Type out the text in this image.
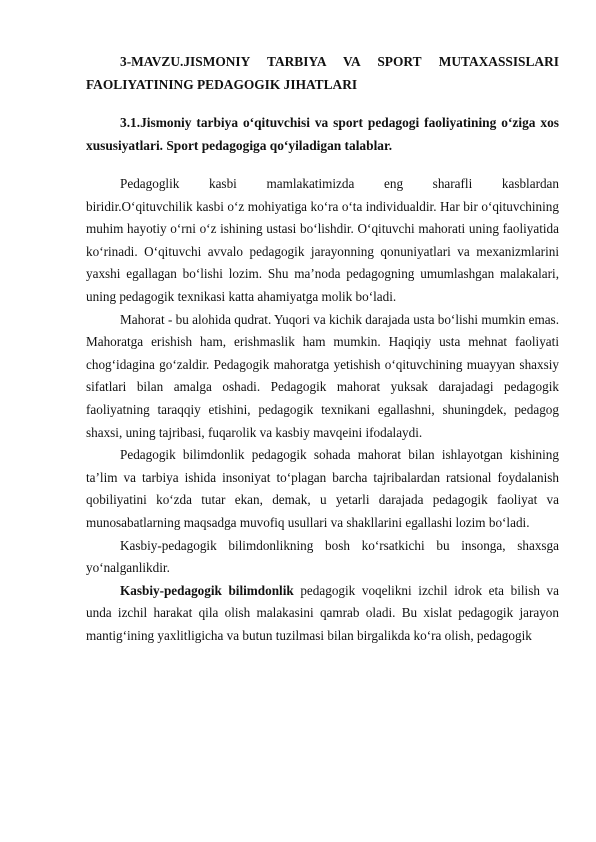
3-MAVZU.JISMONIY TARBIYA VA SPORT MUTAXASSISLARI FAOLIYATINING PEDAGOGIK JIHATLARI
3.1.Jismoniy tarbiya o‘qituvchisi va sport pedagogi faoliyatining o‘ziga xos xususiyatlari. Sport pedagogiga qo‘yiladigan talablar.

Pedagoglik kasbi mamlakatimizda eng sharafli kasblardan
biridir.O‘qituvchilik kasbi o‘z mohiyatiga ko‘ra o‘ta individualdir. Har bir o‘qituvchining muhim hayotiy o‘rni o‘z ishining ustasi bo‘lishdir. O‘qituvchi mahorati uning faoliyatida ko‘rinadi. O‘qituvchi avvalo pedagogik jarayonning qonuniyatlari va mexanizmlarini yaxshi egallagan bo‘lishi lozim. Shu ma’noda pedagogning umumlashgan malakalari, uning pedagogik texnikasi katta ahamiyatga molik bo‘ladi.

Mahorat - bu alohida qudrat. Yuqori va kichik darajada usta bo‘lishi mumkin emas. Mahoratga erishish ham, erishmaslik ham mumkin. Haqiqiy usta mehnat faoliyati chog‘idagina go‘zaldir. Pedagogik mahoratga yetishish o‘qituvchining muayyan shaxsiy sifatlari bilan amalga oshadi. Pedagogik mahorat yuksak darajadagi pedagogik faoliyatning taraqqiy etishini, pedagogik texnikani egallashni, shuningdek, pedagog shaxsi, uning tajribasi, fuqarolik va kasbiy mavqeini ifodalaydi.

Pedagogik bilimdonlik pedagogik sohada mahorat bilan ishlayotgan kishining ta’lim va tarbiya ishida insoniyat to‘plagan barcha tajribalardan ratsional foydalanish qobiliyatini ko‘zda tutar ekan, demak, u yetarli darajada pedagogik faoliyat va munosabatlarning maqsadga muvofiq usullari va shakllarini egallashi lozim bo‘ladi.

Kasbiy-pedagogik bilimdonlikning bosh ko‘rsatkichi bu insonga, shaxsga yo‘nalganlikdir.

Kasbiy-pedagogik bilimdonlik pedagogik voqelikni izchil idrok eta bilish va unda izchil harakat qila olish malakasini qamrab oladi. Bu xislat pedagogik jarayon mantig‘ining yaxlitligicha va butun tuzilmasi bilan birgalikda ko‘ra olish, pedagogik
